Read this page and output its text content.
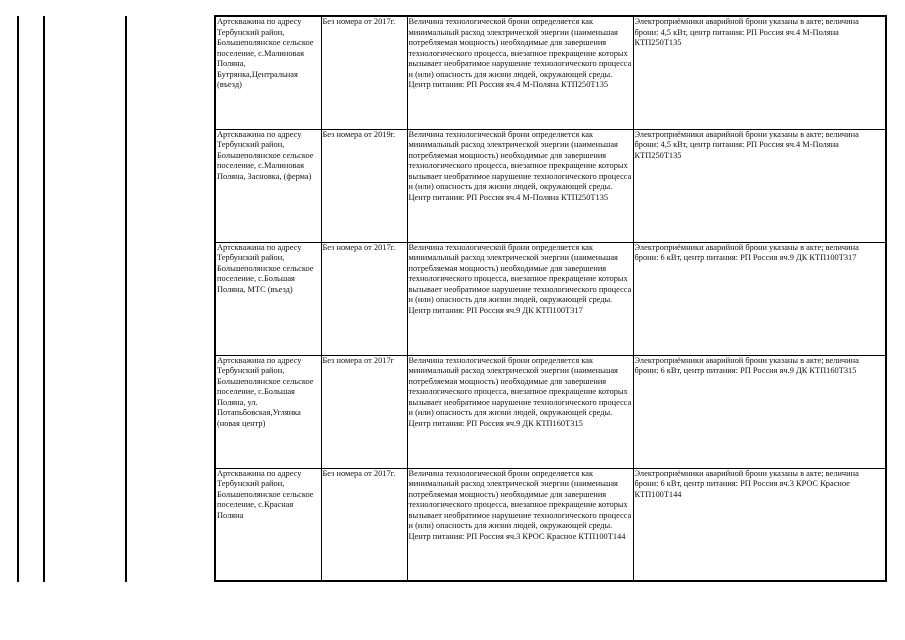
Артскважина по адресу Тербунский район, Большеполянское сельское поселение, с.Малиновая Поляна, Бутрянка,Центральная (въезд)	Без номера от 2017г.	Величина технологической брони определяется как минимальный расход электрической энергии (наименьшая потребляемая мощность) необходимые для завершения технологического процесса, внезапное прекращение которых вызывает необратимое нарушение технологического процесса и (или) опасность для жизни людей, окружающей среды. Центр питания: РП Россия яч.4 М-Поляна КТП250Т135	Электроприёмники аварийной брони указаны в акте; величина брони: 4,5 кВт, центр питания: РП Россия яч.4 М-Поляна КТП250Т135
Артскважина по адресу Тербунский район, Большеполянское сельское поселение, с.Малиновая Поляна, Засновка, (ферма)	Без номера от 2019г.	Величина технологической брони определяется как минимальный расход электрической энергии (наименьшая потребляемая мощность) необходимые для завершения технологического процесса, внезапное прекращение которых вызывает необратимое нарушение технологического процесса и (или) опасность для жизни людей, окружающей среды. Центр питания: РП Россия яч.4 М-Поляна КТП250Т135	Электроприёмники аварийной брони указаны в акте; величина брони: 4,5 кВт, центр питания: РП Россия яч.4 М-Поляна КТП250Т135
Артскважина по адресу Тербунский район, Большеполянское сельское поселение, с.Большая Поляна, МТС (въезд)	Без номера от 2017г.	Величина технологической брони определяется как минимальный расход электрической энергии (наименьшая потребляемая мощность) необходимые для завершения технологического процесса, внезапное прекращение которых вызывает необратимое нарушение технологического процесса и (или) опасность для жизни людей, окружающей среды. Центр питания: РП Россия яч.9 ДК КТП100Т317	Электроприёмники аварийной брони указаны в акте; величина брони: 6 кВт, центр питания: РП Россия яч.9 ДК КТП100Т317
Артскважина по адресу Тербунский район, Большеполянское сельское поселение, с.Большая Поляна, ул. Потапьбовская,Углянка (новая центр)	Без номера от 2017г	Величина технологической брони определяется как минимальный расход электрической энергии (наименьшая потребляемая мощность) необходимые для завершения технологического процесса, внезапное прекращение которых вызывает необратимое нарушение технологического процесса и (или) опасность для жизни людей, окружающей среды. Центр питания: РП Россия яч.9 ДК КТП160Т315	Электроприёмники аварийной брони указаны в акте; величина брони: 6 кВт, центр питания: РП Россия яч.9 ДК КТП160Т315
Артскважина по адресу Тербунский район, Большеполянское сельское поселение, с.Красная Поляна	Без номера от 2017г.	Величина технологической брони определяется как минимальный расход электрической энергии (наименьшая потребляемая мощность) необходимые для завершения технологического процесса, внезапное прекращение которых вызывает необратимое нарушение технологического процесса и (или) опасность для жизни людей, окружающей среды. Центр питания: РП Россия яч.3 КРОС Красное КТП100Т144	Электроприёмники аварийной брони указаны в акте; величина брони: 6 кВт, центр питания: РП Россия яч.3 КРОС Красное КТП100Т144
